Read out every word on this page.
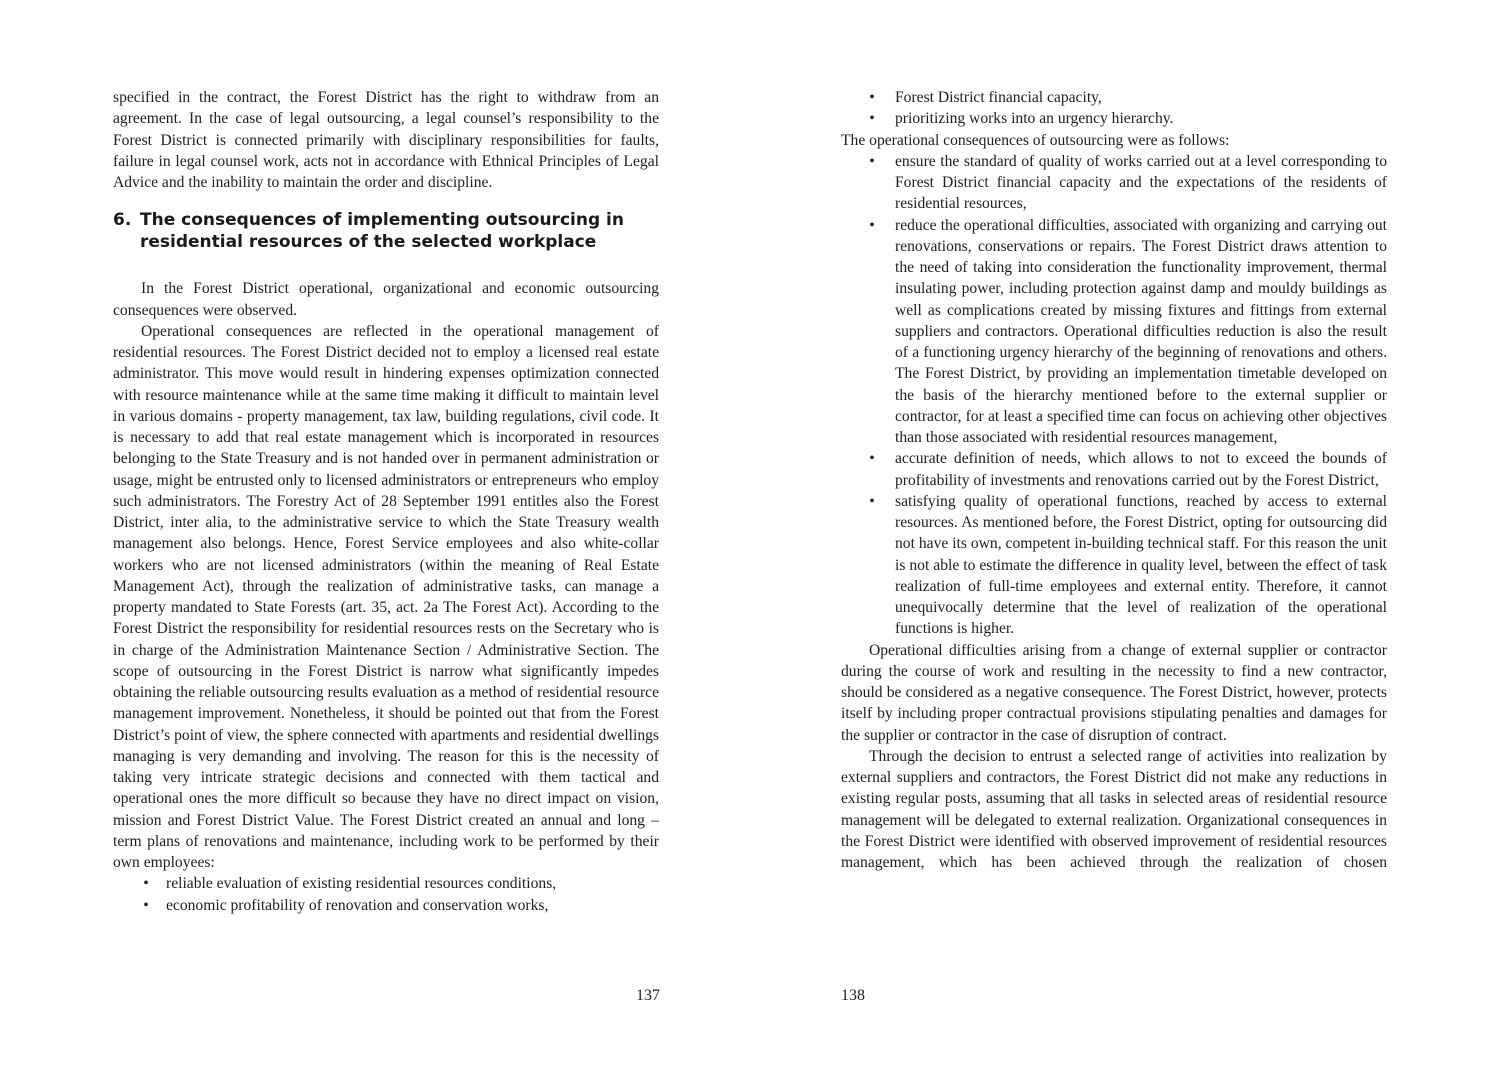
specified in the contract, the Forest District has the right to withdraw from an agreement. In the case of legal outsourcing, a legal counsel’s responsibility to the Forest District is connected primarily with disciplinary responsibilities for faults, failure in legal counsel work, acts not in accordance with Ethnical Principles of Legal Advice and the inability to maintain the order and discipline.

6. The consequences of implementing outsourcing in residential resources of the selected workplace

In the Forest District operational, organizational and economic outsourcing consequences were observed.

Operational consequences are reflected in the operational management of residential resources. The Forest District decided not to employ a licensed real estate administrator. This move would result in hindering expenses optimization connected with resource maintenance while at the same time making it difficult to maintain level in various domains - property management, tax law, building regulations, civil code. It is necessary to add that real estate management which is incorporated in resources belonging to the State Treasury and is not handed over in permanent administration or usage, might be entrusted only to licensed administrators or entrepreneurs who employ such administrators. The Forestry Act of 28 September 1991 entitles also the Forest District, inter alia, to the administrative service to which the State Treasury wealth management also belongs. Hence, Forest Service employees and also white-collar workers who are not licensed administrators (within the meaning of Real Estate Management Act), through the realization of administrative tasks, can manage a property mandated to State Forests (art. 35, act. 2a The Forest Act). According to the Forest District the responsibility for residential resources rests on the Secretary who is in charge of the Administration Maintenance Section / Administrative Section. The scope of outsourcing in the Forest District is narrow what significantly impedes obtaining the reliable outsourcing results evaluation as a method of residential resource management improvement. Nonetheless, it should be pointed out that from the Forest District’s point of view, the sphere connected with apartments and residential dwellings managing is very demanding and involving. The reason for this is the necessity of taking very intricate strategic decisions and connected with them tactical and operational ones the more difficult so because they have no direct impact on vision, mission and Forest District Value. The Forest District created an annual and long – term plans of renovations and maintenance, including work to be performed by their own employees:

• reliable evaluation of existing residential resources conditions,
• economic profitability of renovation and conservation works,
• Forest District financial capacity,
• prioritizing works into an urgency hierarchy.

The operational consequences of outsourcing were as follows:

• ensure the standard of quality of works carried out at a level corresponding to Forest District financial capacity and the expectations of the residents of residential resources,
• reduce the operational difficulties, associated with organizing and carrying out renovations, conservations or repairs. The Forest District draws attention to the need of taking into consideration the functionality improvement, thermal insulating power, including protection against damp and mouldy buildings as well as complications created by missing fixtures and fittings from external suppliers and contractors. Operational difficulties reduction is also the result of a functioning urgency hierarchy of the beginning of renovations and others. The Forest District, by providing an implementation timetable developed on the basis of the hierarchy mentioned before to the external supplier or contractor, for at least a specified time can focus on achieving other objectives than those associated with residential resources management,
• accurate definition of needs, which allows to not to exceed the bounds of profitability of investments and renovations carried out by the Forest District,
• satisfying quality of operational functions, reached by access to external resources. As mentioned before, the Forest District, opting for outsourcing did not have its own, competent in-building technical staff. For this reason the unit is not able to estimate the difference in quality level, between the effect of task realization of full-time employees and external entity. Therefore, it cannot unequivocally determine that the level of realization of the operational functions is higher.

Operational difficulties arising from a change of external supplier or contractor during the course of work and resulting in the necessity to find a new contractor, should be considered as a negative consequence. The Forest District, however, protects itself by including proper contractual provisions stipulating penalties and damages for the supplier or contractor in the case of disruption of contract.

Through the decision to entrust a selected range of activities into realization by external suppliers and contractors, the Forest District did not make any reductions in existing regular posts, assuming that all tasks in selected areas of residential resource management will be delegated to external realization. Organizational consequences in the Forest District were identified with observed improvement of residential resources management, which has been achieved through the realization of chosen

137	138
